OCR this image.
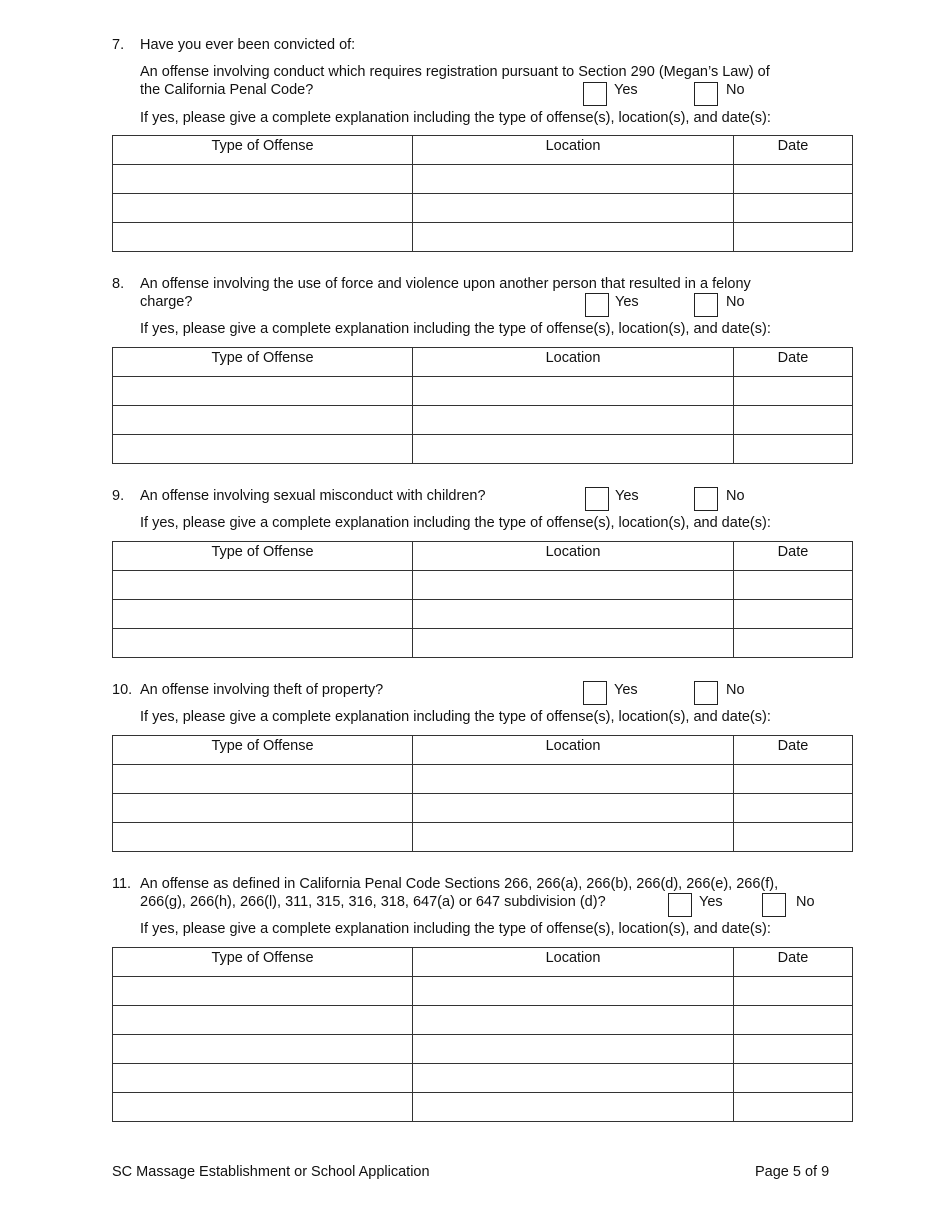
7. Have you ever been convicted of:
An offense involving conduct which requires registration pursuant to Section 290 (Megan’s Law) of
the California Penal Code?	Yes	No
If yes, please give a complete explanation including the type of offense(s), location(s), and date(s):
Type of Offense	Location	Date

8. An offense involving the use of force and violence upon another person that resulted in a felony
charge?	Yes	No
If yes, please give a complete explanation including the type of offense(s), location(s), and date(s):
Type of Offense	Location	Date

9. An offense involving sexual misconduct with children?	Yes	No
If yes, please give a complete explanation including the type of offense(s), location(s), and date(s):
Type of Offense	Location	Date

10. An offense involving theft of property?	Yes	No
If yes, please give a complete explanation including the type of offense(s), location(s), and date(s):
Type of Offense	Location	Date

11. An offense as defined in California Penal Code Sections 266, 266(a), 266(b), 266(d), 266(e), 266(f),
266(g), 266(h), 266(l), 311, 315, 316, 318, 647(a) or 647 subdivision (d)?	Yes	No
If yes, please give a complete explanation including the type of offense(s), location(s), and date(s):
Type of Offense	Location	Date

SC Massage Establishment or School Application	Page 5 of 9
